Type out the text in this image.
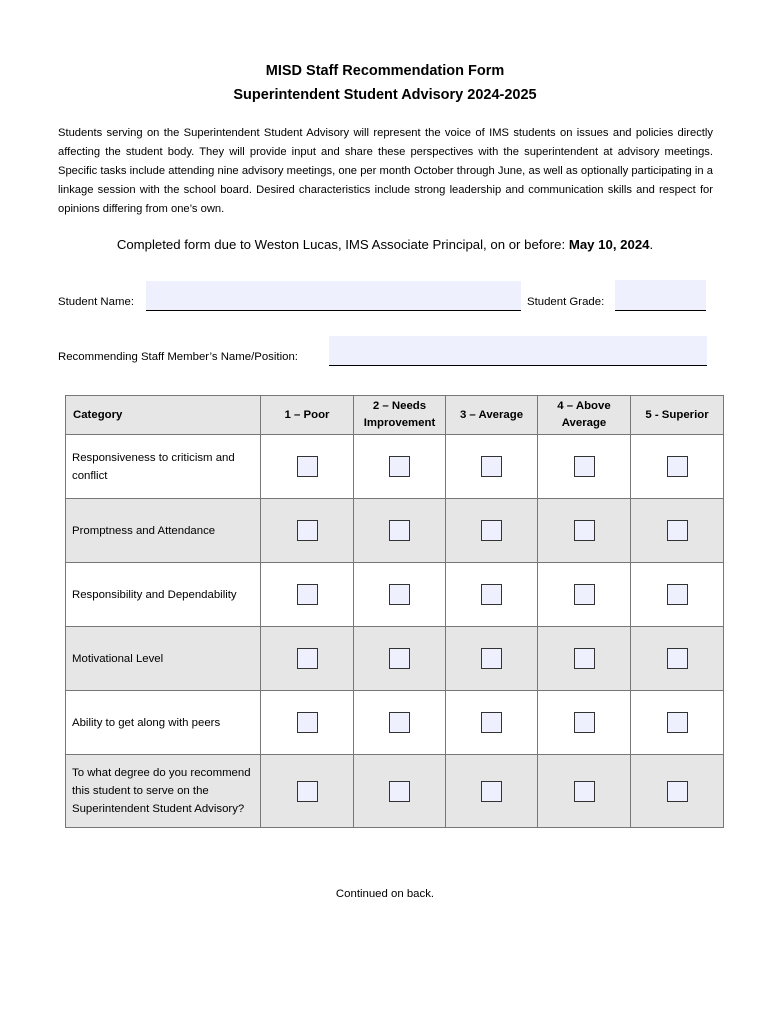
MISD Staff Recommendation Form
Superintendent Student Advisory 2024-2025
Students serving on the Superintendent Student Advisory will represent the voice of IMS students on issues and policies directly affecting the student body. They will provide input and share these perspectives with the superintendent at advisory meetings. Specific tasks include attending nine advisory meetings, one per month October through June, as well as optionally participating in a linkage session with the school board. Desired characteristics include strong leadership and communication skills and respect for opinions differing from one’s own.
Completed form due to Weston Lucas, IMS Associate Principal, on or before: May 10, 2024.
Student Name:	Student Grade:
Recommending Staff Member’s Name/Position:
Category	1 – Poor	2 – Needs Improvement	3 – Average	4 – Above Average	5 - Superior
Responsiveness to criticism and conflict					
Promptness and Attendance					
Responsibility and Dependability					
Motivational Level					
Ability to get along with peers					
To what degree do you recommend this student to serve on the Superintendent Student Advisory?					
Continued on back.
